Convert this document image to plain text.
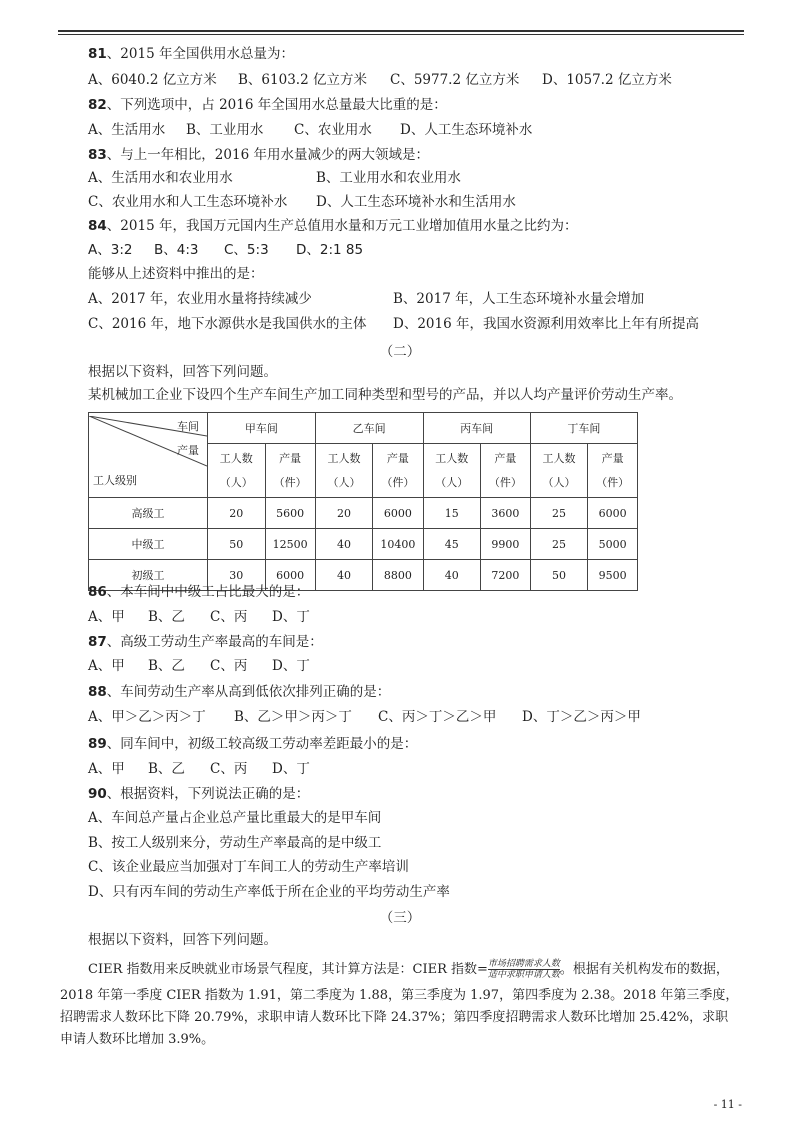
81、2015 年全国供用水总量为：
A、6040.2 亿立方米 B、6103.2 亿立方米 C、5977.2 亿立方米 D、1057.2 亿立方米
82、下列选项中，占 2016 年全国用水总量最大比重的是：
A、生活用水 B、工业用水 C、农业用水 D、人工生态环境补水
83、与上一年相比，2016 年用水量减少的两大领域是：
A、生活用水和农业用水	B、工业用水和农业用水
C、农业用水和人工生态环境补水 D、人工生态环境补水和生活用水
84、2015 年，我国万元国内生产总值用水量和万元工业增加值用水量之比约为：
A、3:2 B、4:3 C、5:3 D、2:1 85
能够从上述资料中推出的是：
A、2017 年，农业用水量将持续减少	B、2017 年，人工生态环境补水量会增加
C、2016 年，地下水源供水是我国供水的主体 D、2016 年，我国水资源利用效率比上年有所提高
（二）
根据以下资料，回答下列问题。
某机械加工企业下设四个生产车间生产加工同种类型和型号的产品，并以人均产量评价劳动生产率。
车间
产量
工人级别	甲车间		乙车间		丙车间		丁车间	
	工人数（人）	产量（件）	工人数（人）	产量（件）	工人数（人）	产量（件）	工人数（人）	产量（件）
高级工	20	5600	20	6000	15	3600	25	6000
中级工	50	12500	40	10400	45	9900	25	5000
初级工	30	6000	40	8800	40	7200	50	9500
86、本车间中中级工占比最大的是：
A、甲 B、乙 C、丙 D、丁
87、高级工劳动生产率最高的车间是：
A、甲 B、乙 C、丙 D、丁
88、车间劳动生产率从高到低依次排列正确的是：
A、甲＞乙＞丙＞丁 B、乙＞甲＞丙＞丁 C、丙＞丁＞乙＞甲 D、丁＞乙＞丙＞甲
89、同车间中，初级工较高级工劳动率差距最小的是：
A、甲 B、乙 C、丙 D、丁
90、根据资料，下列说法正确的是：
A、车间总产量占企业总产量比重最大的是甲车间
B、按工人级别来分，劳动生产率最高的是中级工
C、该企业最应当加强对丁车间工人的劳动生产率培训
D、只有丙车间的劳动生产率低于所在企业的平均劳动生产率
（三）
根据以下资料，回答下列问题。
CIER 指数用来反映就业市场景气程度，其计算方法是：CIER 指数= $\frac{\text{市场招聘需求人数}}{\text{适中求职申请人数}}$ 。根据有关机构发布的数据，
2018 年第一季度 CIER 指数为 1.91，第二季度为 1.88，第三季度为 1.97，第四季度为 2.38。2018 年第三季度，
招聘需求人数环比下降 20.79%，求职申请人数环比下降 24.37%；第四季度招聘需求人数环比增加 25.42%，求职
申请人数环比增加 3.9%。
- 11 -
